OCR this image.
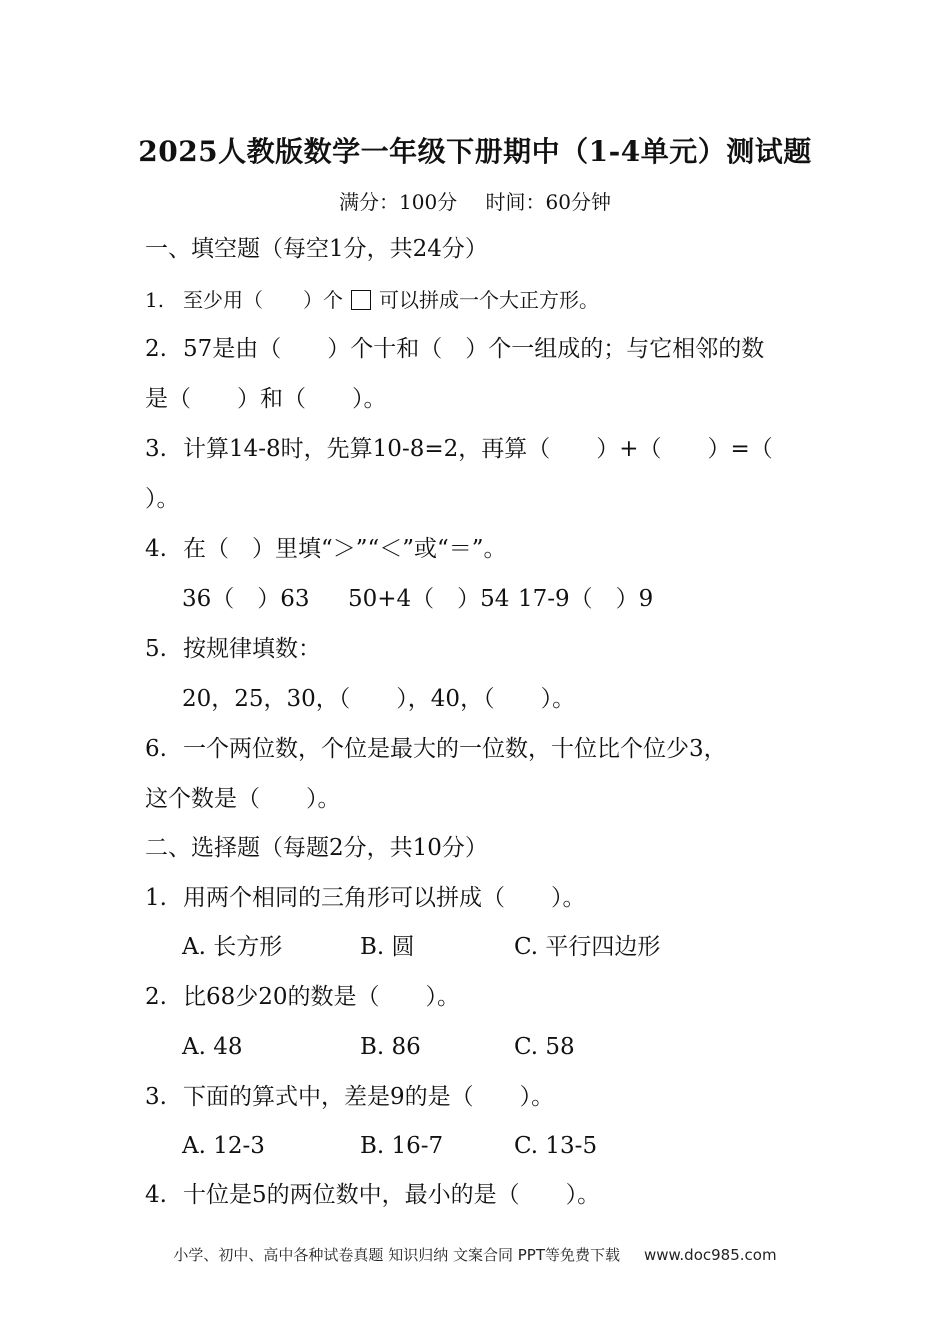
2025人教版数学一年级下册期中（1-4单元）测试题
满分：100分 时间：60分钟
一、填空题（每空1分，共24分）
1. 至少用（　　）个 可以拼成一个大正方形。
2. 57是由（　　）个十和（　）个一组成的；与它相邻的数
是（　　）和（　　）。
3. 计算14-8时，先算10-8=2，再算（　　）+（　　）=（
）。
4. 在（　）里填“＞”“＜”或“＝”。
36（　）63 50+4（　）54 17-9（　）9
5. 按规律填数：
20，25，30，（　　），40，（　　）。
6. 一个两位数，个位是最大的一位数，十位比个位少3，
这个数是（　　）。
二、选择题（每题2分，共10分）
1. 用两个相同的三角形可以拼成（　　）。
A. 长方形	B. 圆	C. 平行四边形
2. 比68少20的数是（　　）。
A. 48	B. 86	C. 58
3. 下面的算式中，差是9的是（　　）。
A. 12-3	B. 16-7	C. 13-5
4. 十位是5的两位数中，最小的是（　　）。
小学、初中、高中各种试卷真题 知识归纳 文案合同 PPT等免费下载 www.doc985.com
